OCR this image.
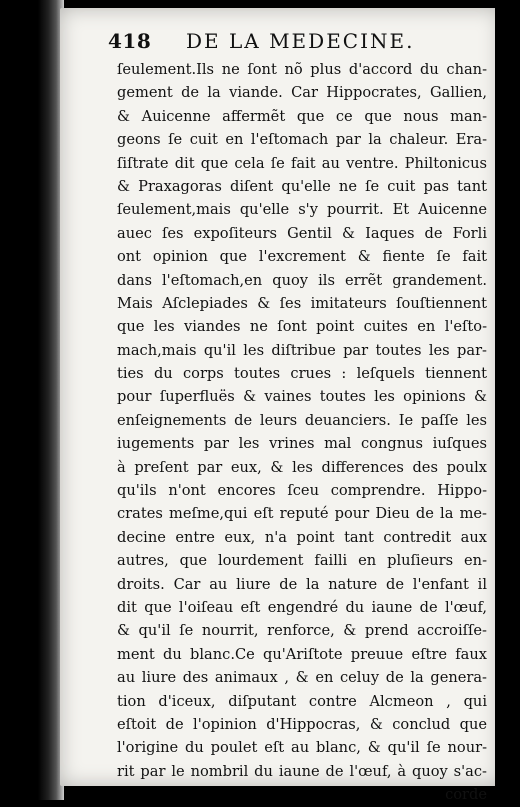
418 DE LA MEDECINE.
ſeulement.Ils ne ſont nõ plus d'accord du chan-
gement de la viande. Car Hippocrates, Gallien,
& Auicenne affermẽt que ce que nous man-
geons ſe cuit en l'eſtomach par la chaleur. Era-
ſiſtrate dit que cela ſe fait au ventre. Philtonicus
& Praxagoras diſent qu'elle ne ſe cuit pas tant
ſeulement,mais qu'elle s'y pourrit. Et Auicenne
auec ſes expoſiteurs Gentil & Iaques de Forli
ont opinion que l'excrement & fiente ſe fait
dans l'eſtomach,en quoy ils errẽt grandement.
Mais Aſclepiades & ſes imitateurs ſouſtiennent
que les viandes ne ſont point cuites en l'eſto-
mach,mais qu'il les diſtribue par toutes les par-
ties du corps toutes crues : leſquels tiennent
pour ſuperfluës & vaines toutes les opinions &
enſeignements de leurs deuanciers. Ie paſſe les
iugements par les vrines mal congnus iuſques
à preſent par eux, & les differences des poulx
qu'ils n'ont encores ſceu comprendre. Hippo-
crates meſme,qui eſt reputé pour Dieu de la me-
decine entre eux, n'a point tant contredit aux
autres, que lourdement failli en pluſieurs en-
droits. Car au liure de la nature de l'enfant il
dit que l'oiſeau eſt engendré du iaune de l'œuf,
& qu'il ſe nourrit, renforce, & prend accroiſſe-
ment du blanc.Ce qu'Ariſtote preuue eſtre faux
au liure des animaux , & en celuy de la genera-
tion d'iceux, diſputant contre Alcmeon , qui
eſtoit de l'opinion d'Hippocras, & conclud que
l'origine du poulet eſt au blanc, & qu'il ſe nour-
rit par le nombril du iaune de l'œuf, à quoy s'ac-
corde
